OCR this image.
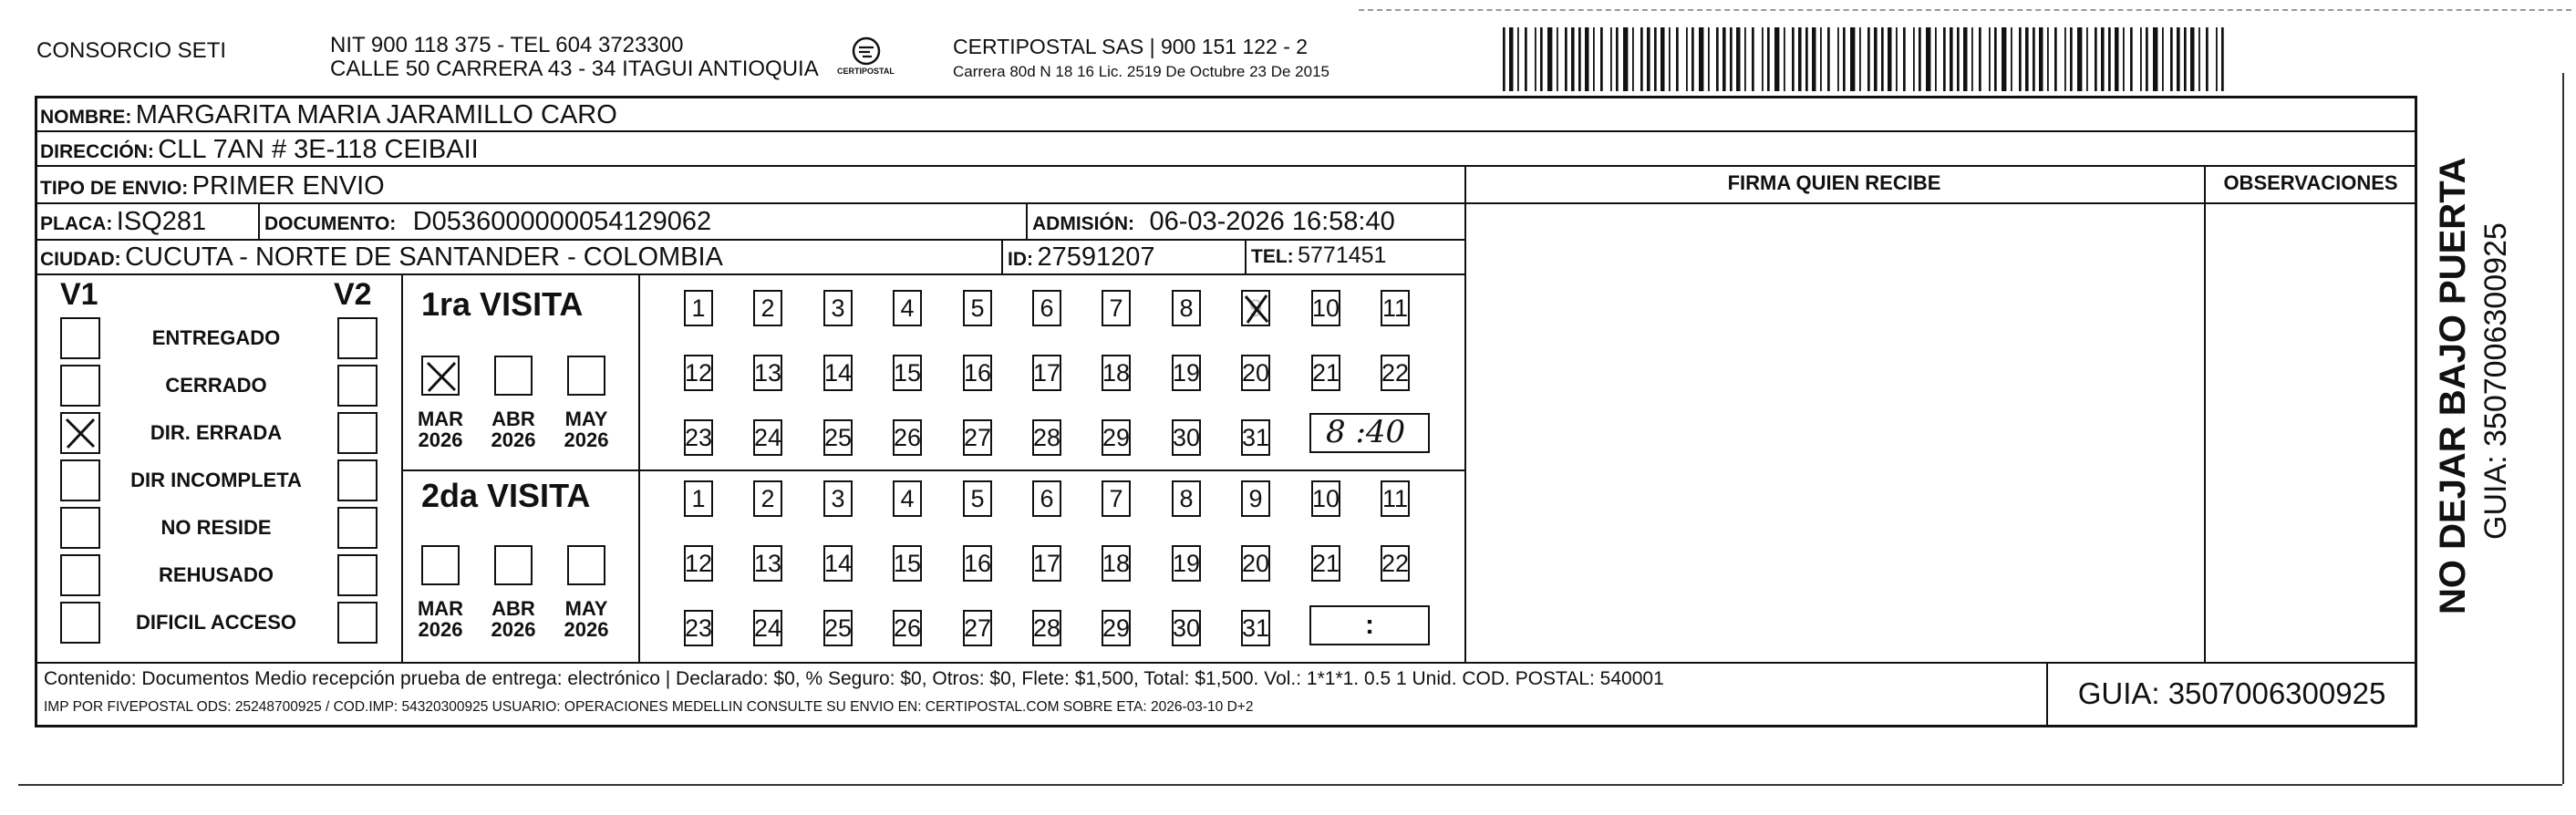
CONSORCIO SETI	NIT 900 118 375 - TEL 604 3723300
CALLE 50 CARRERA 43 - 34 ITAGUI ANTIOQUIA CERTIPOSTAL
CERTIPOSTAL SAS | 900 151 122 - 2
Carrera 80d N 18 16 Lic. 2519 De Octubre 23 De 2015
NOMBRE: MARGARITA MARIA JARAMILLO CARO
DIRECCIÓN: CLL 7AN # 3E-118 CEIBAII
TIPO DE ENVIO: PRIMER ENVIO	FIRMA QUIEN RECIBE	OBSERVACIONES
PLACA: ISQ281	DOCUMENTO: D0536000000054129062	ADMISIÓN: 06-03-2026 16:58:40
CIUDAD: CUCUTA - NORTE DE SANTANDER - COLOMBIA	ID: 27591207	TEL: 5771451
V1	V2
ENTREGADO
CERRADO
DIR. ERRADA
DIR INCOMPLETA
NO RESIDE
REHUSADO
DIFICIL ACCESO
1ra VISITA
2da VISITA
MAR
2026
ABR
2026
MAY
2026
MAR
2026
ABR
2026
MAY
2026
1	2	3	4	5	6	7	8	9 10 11
12 13 14 15 16 17 18 19 20 21 22
23 24 25 26 27 28 29 30 31
1	2	3	4	5	6	7	8	9	10 11
12 13 14 15 16 17 18 19 20 21 22
23 24 25 26 27 28 29 30 31
8 :40
:
Contenido: Documentos Medio recepción prueba de entrega: electrónico | Declarado: $0, % Seguro: $0, Otros: $0, Flete: $1,500, Total: $1,500. Vol.: 1*1*1. 0.5 1 Unid. COD. POSTAL: 540001
IMP POR FIVEPOSTAL ODS: 25248700925 / COD.IMP: 54320300925 USUARIO: OPERACIONES MEDELLIN CONSULTE SU ENVIO EN: CERTIPOSTAL.COM SOBRE ETA: 2026-03-10 D+2	GUIA: 3507006300925
NO DEJAR BAJO PUERTA GUIA: 3507006300925
